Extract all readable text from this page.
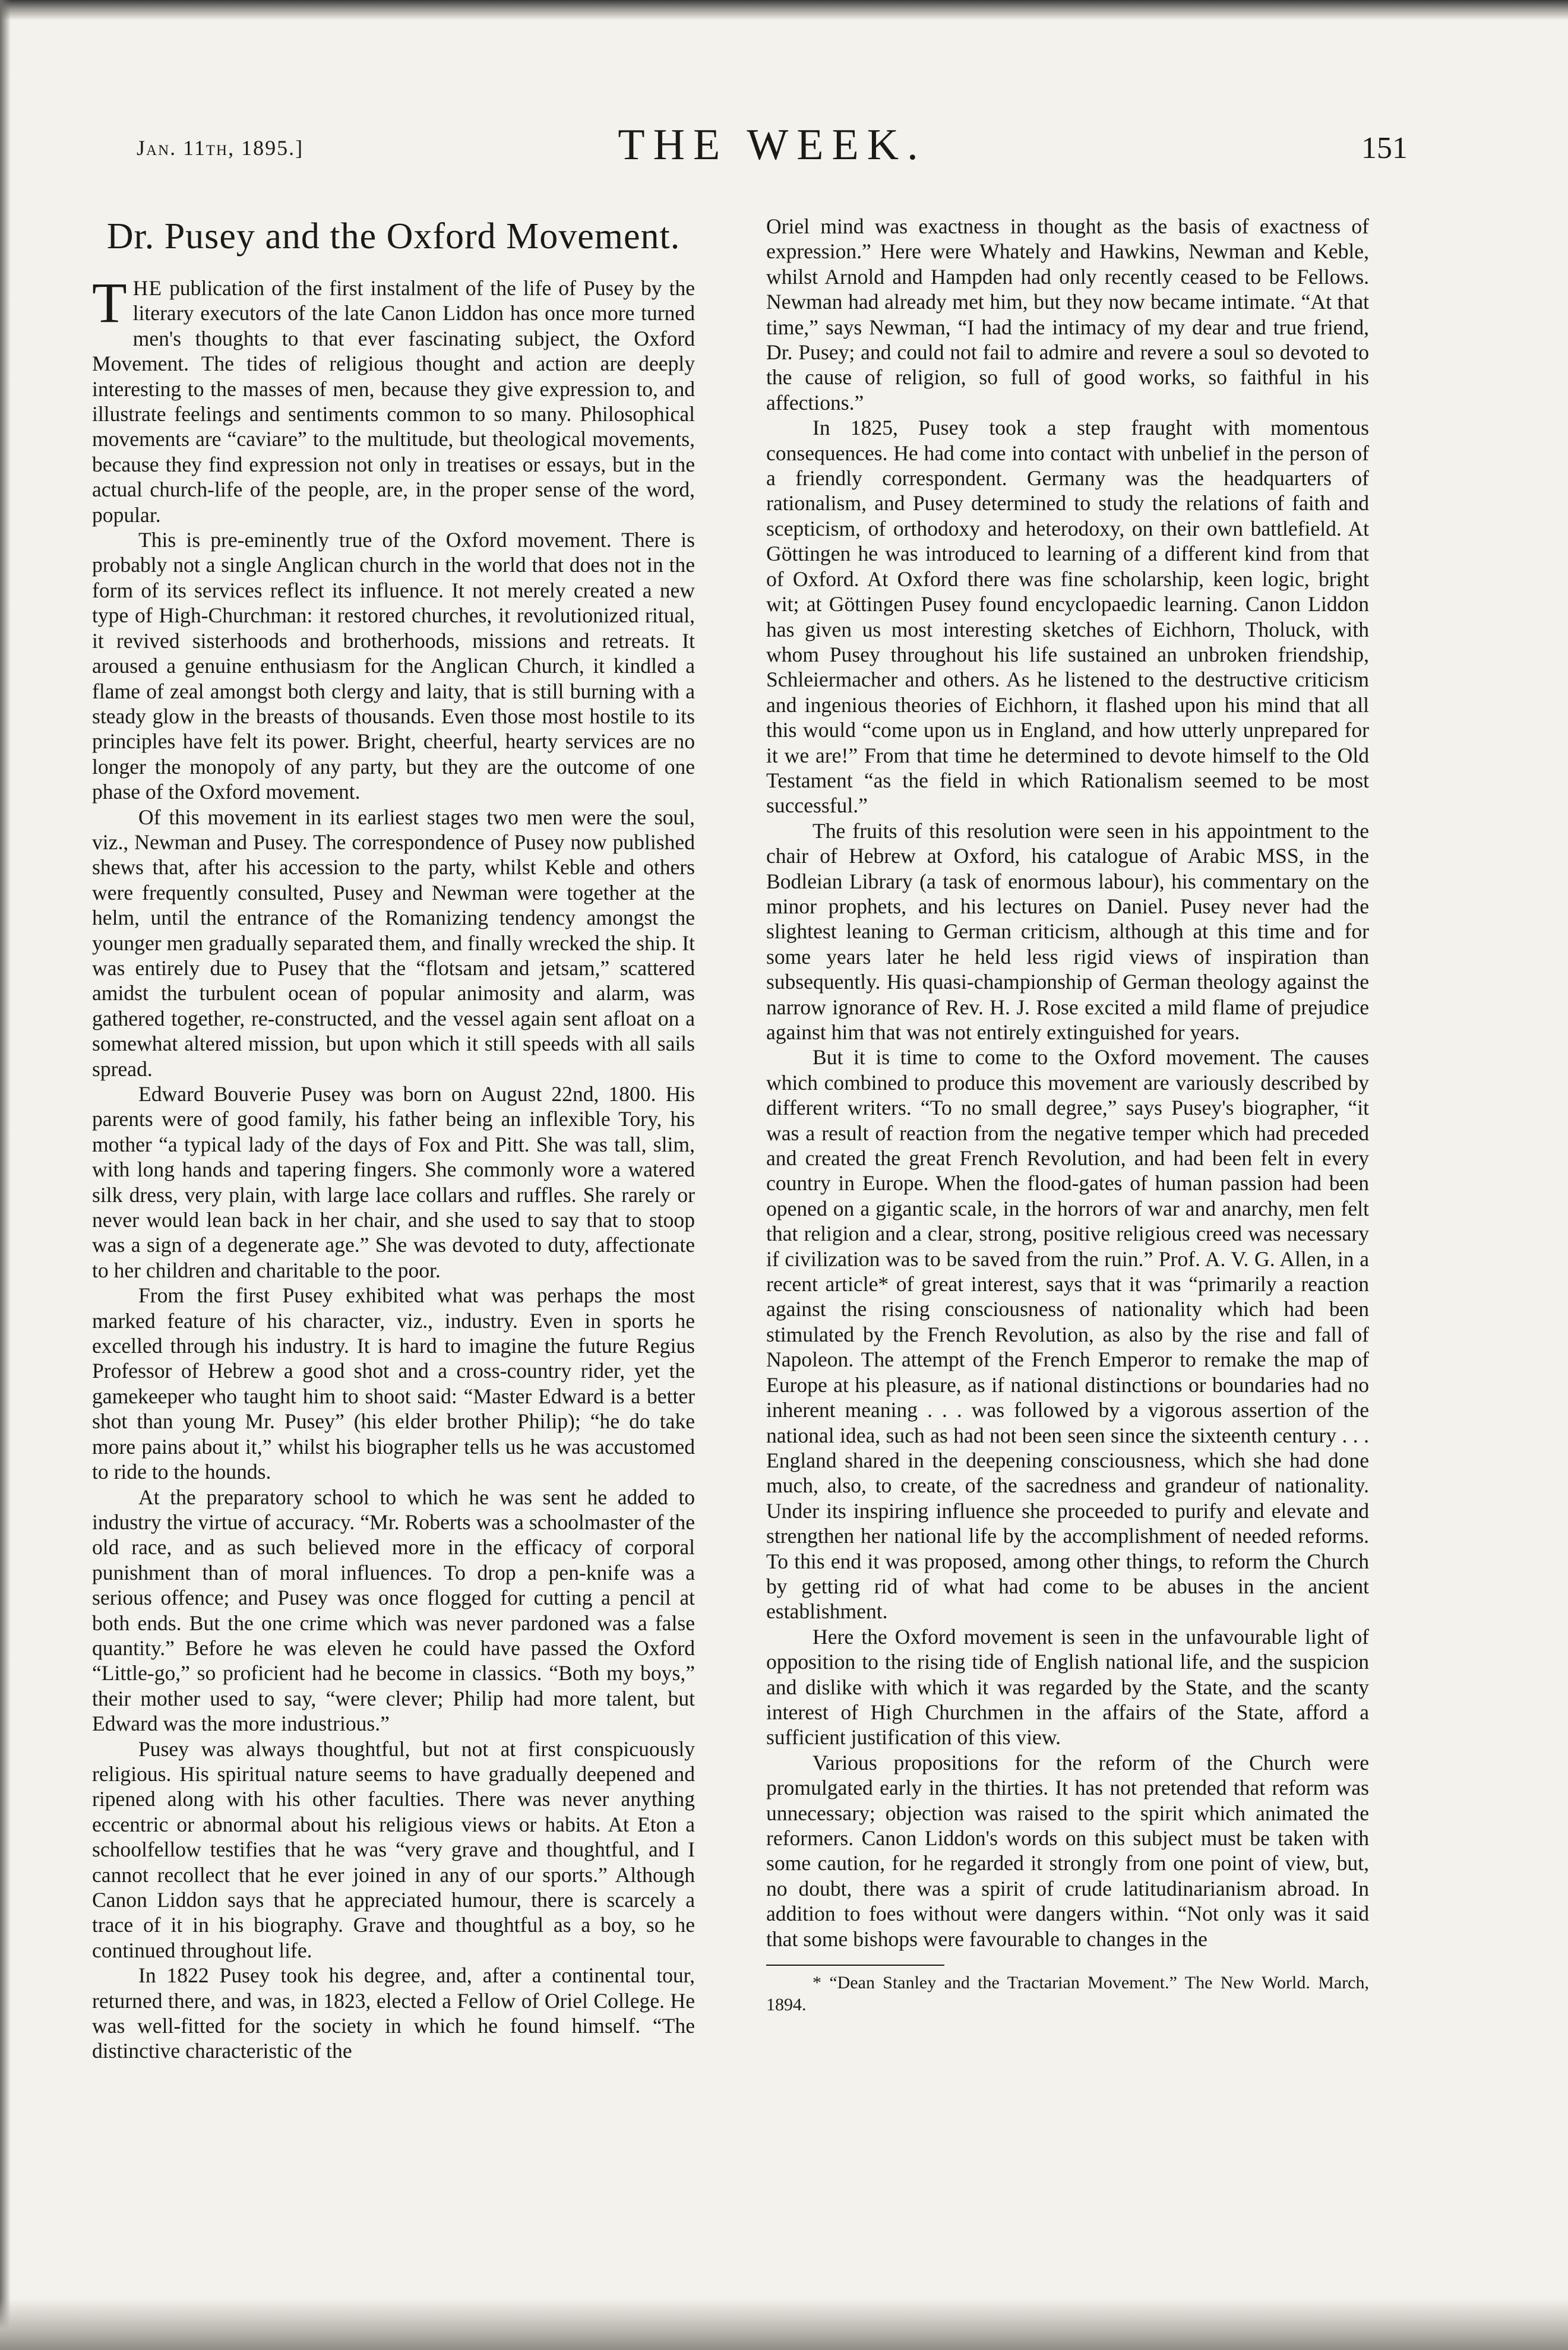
Jan. 11th, 1895.]	THE WEEK.	151
Dr. Pusey and the Oxford Movement.

THE publication of the first instalment of the life of Pusey by the literary executors of the late Canon Liddon has once more turned men's thoughts to that ever fascinating subject, the Oxford Movement. The tides of religious thought and action are deeply interesting to the masses of men, because they give expression to, and illustrate feelings and sentiments common to so many. Philosophical movements are “caviare” to the multitude, but theological movements, because they find expression not only in treatises or essays, but in the actual church-life of the people, are, in the proper sense of the word, popular.

This is pre-eminently true of the Oxford movement. There is probably not a single Anglican church in the world that does not in the form of its services reflect its influence. It not merely created a new type of High-Churchman: it restored churches, it revolutionized ritual, it revived sisterhoods and brotherhoods, missions and retreats. It aroused a genuine enthusiasm for the Anglican Church, it kindled a flame of zeal amongst both clergy and laity, that is still burning with a steady glow in the breasts of thousands. Even those most hostile to its principles have felt its power. Bright, cheerful, hearty services are no longer the monopoly of any party, but they are the outcome of one phase of the Oxford movement.

Of this movement in its earliest stages two men were the soul, viz., Newman and Pusey. The correspondence of Pusey now published shews that, after his accession to the party, whilst Keble and others were frequently consulted, Pusey and Newman were together at the helm, until the entrance of the Romanizing tendency amongst the younger men gradually separated them, and finally wrecked the ship. It was entirely due to Pusey that the “flotsam and jetsam,” scattered amidst the turbulent ocean of popular animosity and alarm, was gathered together, re-constructed, and the vessel again sent afloat on a somewhat altered mission, but upon which it still speeds with all sails spread.

Edward Bouverie Pusey was born on August 22nd, 1800. His parents were of good family, his father being an inflexible Tory, his mother “a typical lady of the days of Fox and Pitt. She was tall, slim, with long hands and tapering fingers. She commonly wore a watered silk dress, very plain, with large lace collars and ruffles. She rarely or never would lean back in her chair, and she used to say that to stoop was a sign of a degenerate age.” She was devoted to duty, affectionate to her children and charitable to the poor.

From the first Pusey exhibited what was perhaps the most marked feature of his character, viz., industry. Even in sports he excelled through his industry. It is hard to imagine the future Regius Professor of Hebrew a good shot and a cross-country rider, yet the gamekeeper who taught him to shoot said: “Master Edward is a better shot than young Mr. Pusey” (his elder brother Philip); “he do take more pains about it,” whilst his biographer tells us he was accustomed to ride to the hounds.

At the preparatory school to which he was sent he added to industry the virtue of accuracy. “Mr. Roberts was a schoolmaster of the old race, and as such believed more in the efficacy of corporal punishment than of moral influences. To drop a pen-knife was a serious offence; and Pusey was once flogged for cutting a pencil at both ends. But the one crime which was never pardoned was a false quantity.” Before he was eleven he could have passed the Oxford “Little-go,” so proficient had he become in classics. “Both my boys,” their mother used to say, “were clever; Philip had more talent, but Edward was the more industrious.”

Pusey was always thoughtful, but not at first conspicuously religious. His spiritual nature seems to have gradually deepened and ripened along with his other faculties. There was never anything eccentric or abnormal about his religious views or habits. At Eton a schoolfellow testifies that he was “very grave and thoughtful, and I cannot recollect that he ever joined in any of our sports.” Although Canon Liddon says that he appreciated humour, there is scarcely a trace of it in his biography. Grave and thoughtful as a boy, so he continued throughout life.

In 1822 Pusey took his degree, and, after a continental tour, returned there, and was, in 1823, elected a Fellow of Oriel College. He was well-fitted for the society in which he found himself. “The distinctive characteristic of the

Oriel mind was exactness in thought as the basis of exactness of expression.” Here were Whately and Hawkins, Newman and Keble, whilst Arnold and Hampden had only recently ceased to be Fellows. Newman had already met him, but they now became intimate. “At that time,” says Newman, “I had the intimacy of my dear and true friend, Dr. Pusey; and could not fail to admire and revere a soul so devoted to the cause of religion, so full of good works, so faithful in his affections.”

In 1825, Pusey took a step fraught with momentous consequences. He had come into contact with unbelief in the person of a friendly correspondent. Germany was the headquarters of rationalism, and Pusey determined to study the relations of faith and scepticism, of orthodoxy and heterodoxy, on their own battlefield. At Göttingen he was introduced to learning of a different kind from that of Oxford. At Oxford there was fine scholarship, keen logic, bright wit; at Göttingen Pusey found encyclopaedic learning. Canon Liddon has given us most interesting sketches of Eichhorn, Tholuck, with whom Pusey throughout his life sustained an unbroken friendship, Schleiermacher and others. As he listened to the destructive criticism and ingenious theories of Eichhorn, it flashed upon his mind that all this would “come upon us in England, and how utterly unprepared for it we are!” From that time he determined to devote himself to the Old Testament “as the field in which Rationalism seemed to be most successful.”

The fruits of this resolution were seen in his appointment to the chair of Hebrew at Oxford, his catalogue of Arabic MSS, in the Bodleian Library (a task of enormous labour), his commentary on the minor prophets, and his lectures on Daniel. Pusey never had the slightest leaning to German criticism, although at this time and for some years later he held less rigid views of inspiration than subsequently. His quasi-championship of German theology against the narrow ignorance of Rev. H. J. Rose excited a mild flame of prejudice against him that was not entirely extinguished for years.

But it is time to come to the Oxford movement. The causes which combined to produce this movement are variously described by different writers. “To no small degree,” says Pusey's biographer, “it was a result of reaction from the negative temper which had preceded and created the great French Revolution, and had been felt in every country in Europe. When the flood-gates of human passion had been opened on a gigantic scale, in the horrors of war and anarchy, men felt that religion and a clear, strong, positive religious creed was necessary if civilization was to be saved from the ruin.” Prof. A. V. G. Allen, in a recent article* of great interest, says that it was “primarily a reaction against the rising consciousness of nationality which had been stimulated by the French Revolution, as also by the rise and fall of Napoleon. The attempt of the French Emperor to remake the map of Europe at his pleasure, as if national distinctions or boundaries had no inherent meaning . . . was followed by a vigorous assertion of the national idea, such as had not been seen since the sixteenth century . . . England shared in the deepening consciousness, which she had done much, also, to create, of the sacredness and grandeur of nationality. Under its inspiring influence she proceeded to purify and elevate and strengthen her national life by the accomplishment of needed reforms. To this end it was proposed, among other things, to reform the Church by getting rid of what had come to be abuses in the ancient establishment.

Here the Oxford movement is seen in the unfavourable light of opposition to the rising tide of English national life, and the suspicion and dislike with which it was regarded by the State, and the scanty interest of High Churchmen in the affairs of the State, afford a sufficient justification of this view.

Various propositions for the reform of the Church were promulgated early in the thirties. It has not pretended that reform was unnecessary; objection was raised to the spirit which animated the reformers. Canon Liddon's words on this subject must be taken with some caution, for he regarded it strongly from one point of view, but, no doubt, there was a spirit of crude latitudinarianism abroad. In addition to foes without were dangers within. “Not only was it said that some bishops were favourable to changes in the

* “Dean Stanley and the Tractarian Movement.” The New World. March, 1894.
